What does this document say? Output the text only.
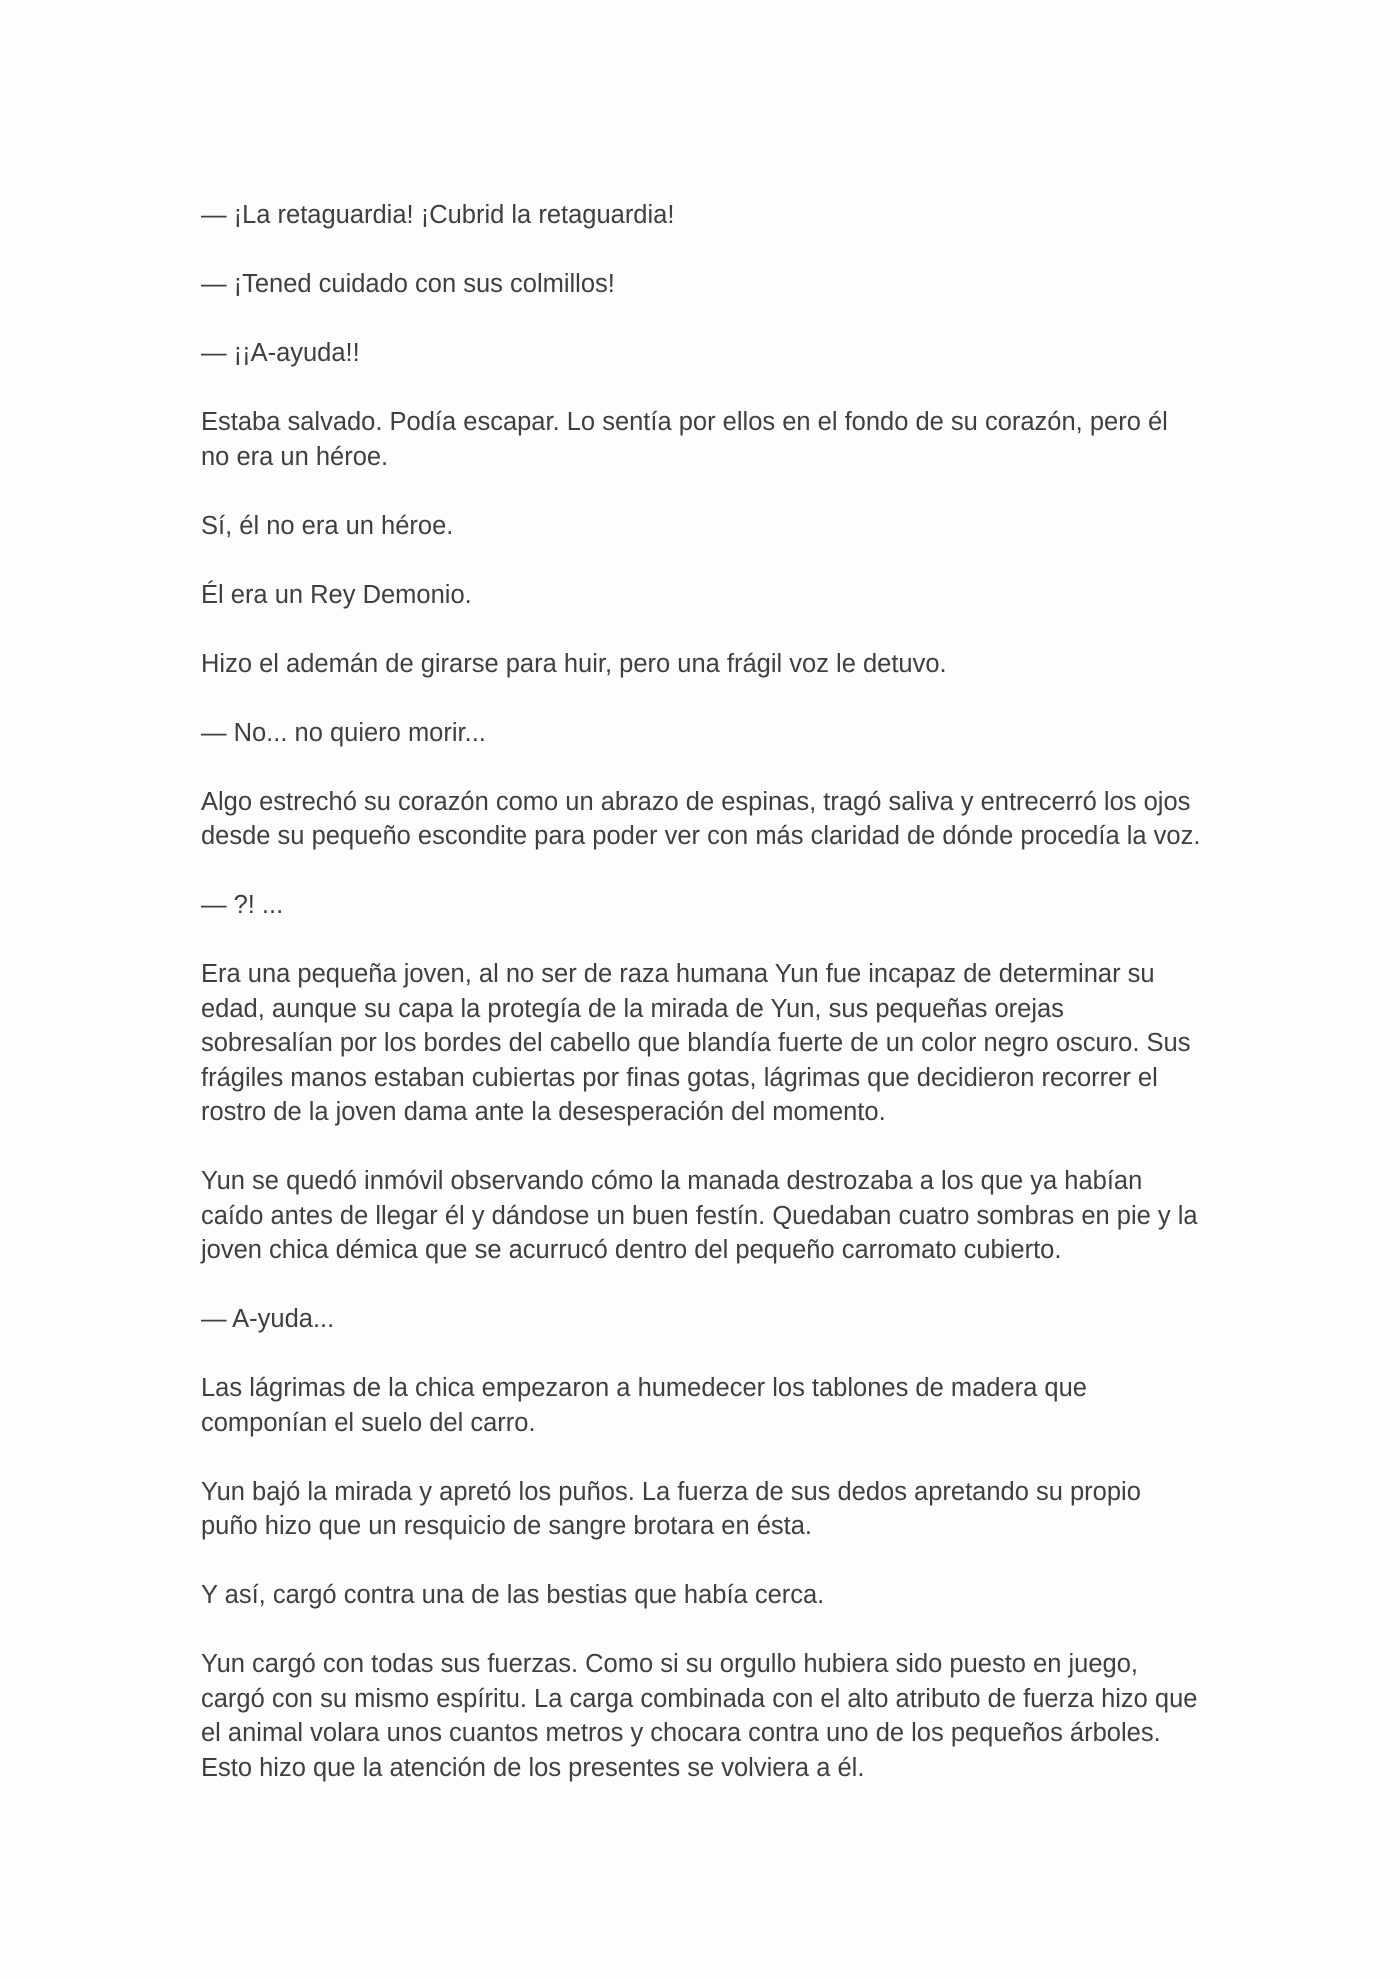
— ¡La retaguardia! ¡Cubrid la retaguardia!

— ¡Tened cuidado con sus colmillos!

— ¡¡A-ayuda!!

Estaba salvado. Podía escapar. Lo sentía por ellos en el fondo de su corazón, pero él no era un héroe.

Sí, él no era un héroe.

Él era un Rey Demonio.

Hizo el ademán de girarse para huir, pero una frágil voz le detuvo.

— No... no quiero morir...

Algo estrechó su corazón como un abrazo de espinas, tragó saliva y entrecerró los ojos desde su pequeño escondite para poder ver con más claridad de dónde procedía la voz.

— ?! ...

Era una pequeña joven, al no ser de raza humana Yun fue incapaz de determinar su edad, aunque su capa la protegía de la mirada de Yun, sus pequeñas orejas sobresalían por los bordes del cabello que blandía fuerte de un color negro oscuro. Sus frágiles manos estaban cubiertas por finas gotas, lágrimas que decidieron recorrer el rostro de la joven dama ante la desesperación del momento.

Yun se quedó inmóvil observando cómo la manada destrozaba a los que ya habían caído antes de llegar él y dándose un buen festín. Quedaban cuatro sombras en pie y la joven chica démica que se acurrucó dentro del pequeño carromato cubierto.

— A-yuda...

Las lágrimas de la chica empezaron a humedecer los tablones de madera que componían el suelo del carro.

Yun bajó la mirada y apretó los puños. La fuerza de sus dedos apretando su propio puño hizo que un resquicio de sangre brotara en ésta.

Y así, cargó contra una de las bestias que había cerca.

Yun cargó con todas sus fuerzas. Como si su orgullo hubiera sido puesto en juego, cargó con su mismo espíritu. La carga combinada con el alto atributo de fuerza hizo que el animal volara unos cuantos metros y chocara contra uno de los pequeños árboles. Esto hizo que la atención de los presentes se volviera a él.
